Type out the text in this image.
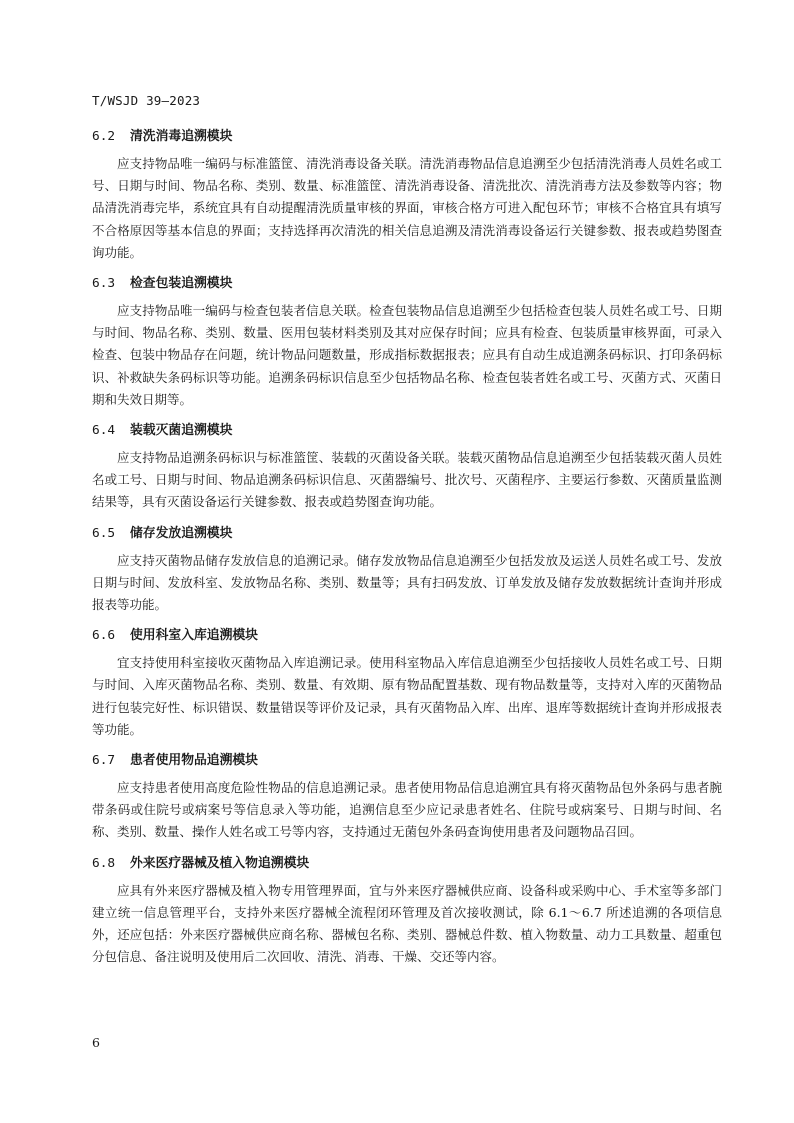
T/WSJD 39—2023
6.2 清洗消毒追溯模块

应支持物品唯一编码与标准篮筐、清洗消毒设备关联。清洗消毒物品信息追溯至少包括清洗消毒人员姓名或工号、日期与时间、物品名称、类别、数量、标准篮筐、清洗消毒设备、清洗批次、清洗消毒方法及参数等内容；物品清洗消毒完毕，系统宜具有自动提醒清洗质量审核的界面，审核合格方可进入配包环节；审核不合格宜具有填写不合格原因等基本信息的界面；支持选择再次清洗的相关信息追溯及清洗消毒设备运行关键参数、报表或趋势图查询功能。

6.3 检查包装追溯模块

应支持物品唯一编码与检查包装者信息关联。检查包装物品信息追溯至少包括检查包装人员姓名或工号、日期与时间、物品名称、类别、数量、医用包装材料类别及其对应保存时间；应具有检查、包装质量审核界面，可录入检查、包装中物品存在问题，统计物品问题数量，形成指标数据报表；应具有自动生成追溯条码标识、打印条码标识、补救缺失条码标识等功能。追溯条码标识信息至少包括物品名称、检查包装者姓名或工号、灭菌方式、灭菌日期和失效日期等。

6.4 装载灭菌追溯模块

应支持物品追溯条码标识与标准篮筐、装载的灭菌设备关联。装载灭菌物品信息追溯至少包括装载灭菌人员姓名或工号、日期与时间、物品追溯条码标识信息、灭菌器编号、批次号、灭菌程序、主要运行参数、灭菌质量监测结果等，具有灭菌设备运行关键参数、报表或趋势图查询功能。

6.5 储存发放追溯模块

应支持灭菌物品储存发放信息的追溯记录。储存发放物品信息追溯至少包括发放及运送人员姓名或工号、发放日期与时间、发放科室、发放物品名称、类别、数量等；具有扫码发放、订单发放及储存发放数据统计查询并形成报表等功能。

6.6 使用科室入库追溯模块

宜支持使用科室接收灭菌物品入库追溯记录。使用科室物品入库信息追溯至少包括接收人员姓名或工号、日期与时间、入库灭菌物品名称、类别、数量、有效期、原有物品配置基数、现有物品数量等，支持对入库的灭菌物品进行包装完好性、标识错误、数量错误等评价及记录，具有灭菌物品入库、出库、退库等数据统计查询并形成报表等功能。

6.7 患者使用物品追溯模块

应支持患者使用高度危险性物品的信息追溯记录。患者使用物品信息追溯宜具有将灭菌物品包外条码与患者腕带条码或住院号或病案号等信息录入等功能，追溯信息至少应记录患者姓名、住院号或病案号、日期与时间、名称、类别、数量、操作人姓名或工号等内容，支持通过无菌包外条码查询使用患者及问题物品召回。

6.8 外来医疗器械及植入物追溯模块

应具有外来医疗器械及植入物专用管理界面，宜与外来医疗器械供应商、设备科或采购中心、手术室等多部门建立统一信息管理平台，支持外来医疗器械全流程闭环管理及首次接收测试，除 6.1～6.7 所述追溯的各项信息外，还应包括：外来医疗器械供应商名称、器械包名称、类别、器械总件数、植入物数量、动力工具数量、超重包分包信息、备注说明及使用后二次回收、清洗、消毒、干燥、交还等内容。

6
